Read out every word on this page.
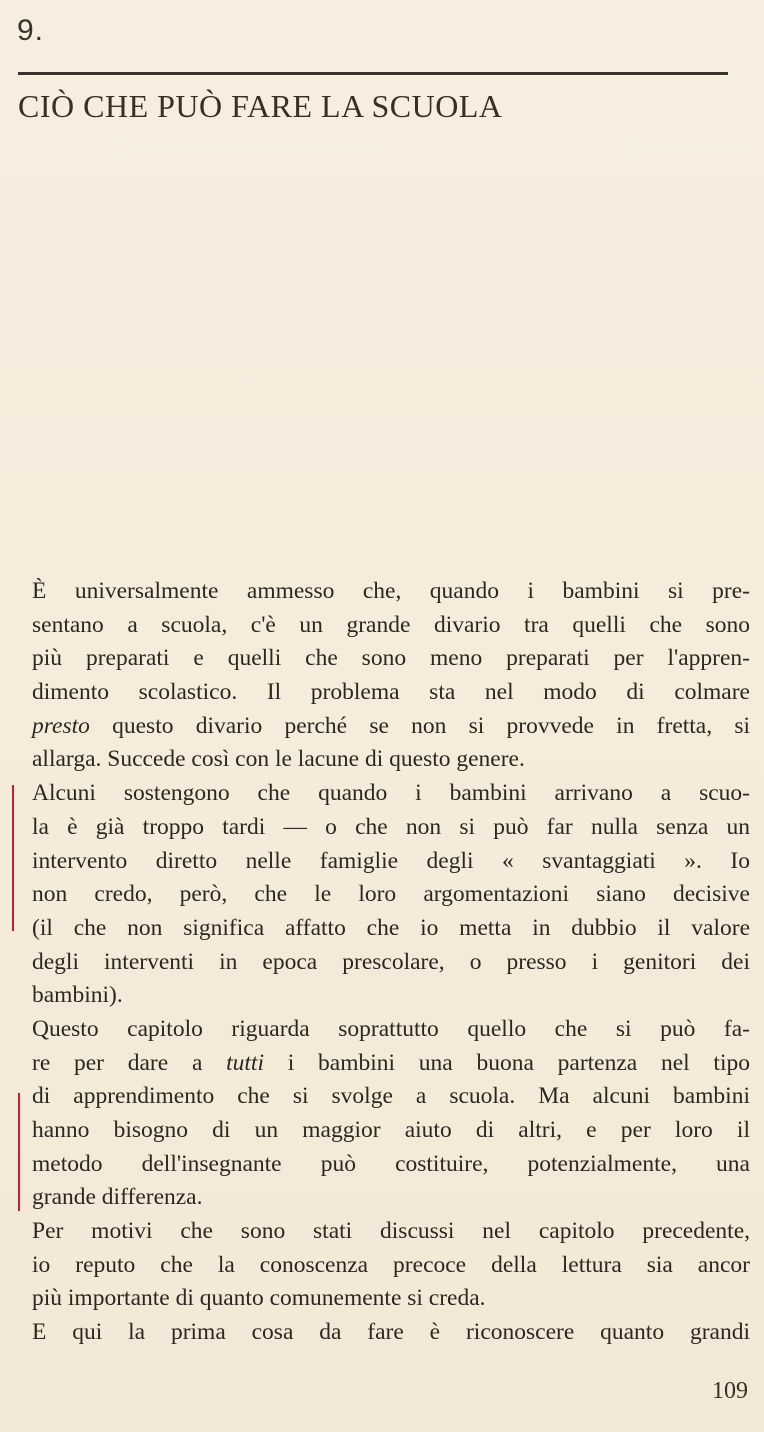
9.
CIÒ CHE PUÒ FARE LA SCUOLA
È universalmente ammesso che, quando i bambini si pre-
sentano a scuola, c'è un grande divario tra quelli che sono
più preparati e quelli che sono meno preparati per l'appren-
dimento scolastico. Il problema sta nel modo di colmare
presto questo divario perché se non si provvede in fretta, si
allarga. Succede così con le lacune di questo genere.
Alcuni sostengono che quando i bambini arrivano a scuo-
la è già troppo tardi — o che non si può far nulla senza un
intervento diretto nelle famiglie degli « svantaggiati ». Io
non credo, però, che le loro argomentazioni siano decisive
(il che non significa affatto che io metta in dubbio il valore
degli interventi in epoca prescolare, o presso i genitori dei
bambini).
Questo capitolo riguarda soprattutto quello che si può fa-
re per dare a tutti i bambini una buona partenza nel tipo
di apprendimento che si svolge a scuola. Ma alcuni bambini
hanno bisogno di un maggior aiuto di altri, e per loro il
metodo dell'insegnante può costituire, potenzialmente, una
grande differenza.
Per motivi che sono stati discussi nel capitolo precedente,
io reputo che la conoscenza precoce della lettura sia ancor
più importante di quanto comunemente si creda.
E qui la prima cosa da fare è riconoscere quanto grandi
109
